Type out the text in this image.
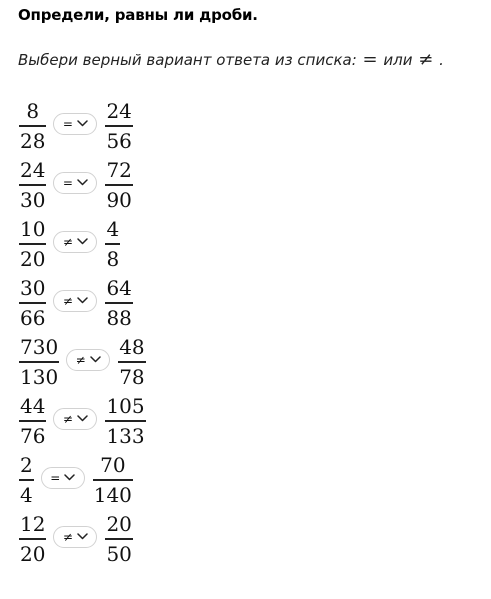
Определи, равны ли дроби.
Выбери верный вариант ответа из списка: = или ≠ .
$\frac{8}{28} = \frac{24}{56}$
$\frac{24}{30} = \frac{72}{90}$
$\frac{10}{20} \ne \frac{4}{8}$
$\frac{30}{66} \ne \frac{64}{88}$
$\frac{730}{130} \ne \frac{48}{78}$
$\frac{44}{76} \ne \frac{105}{133}$
$\frac{2}{4} = \frac{70}{140}$
$\frac{12}{20} \ne \frac{20}{50}$
